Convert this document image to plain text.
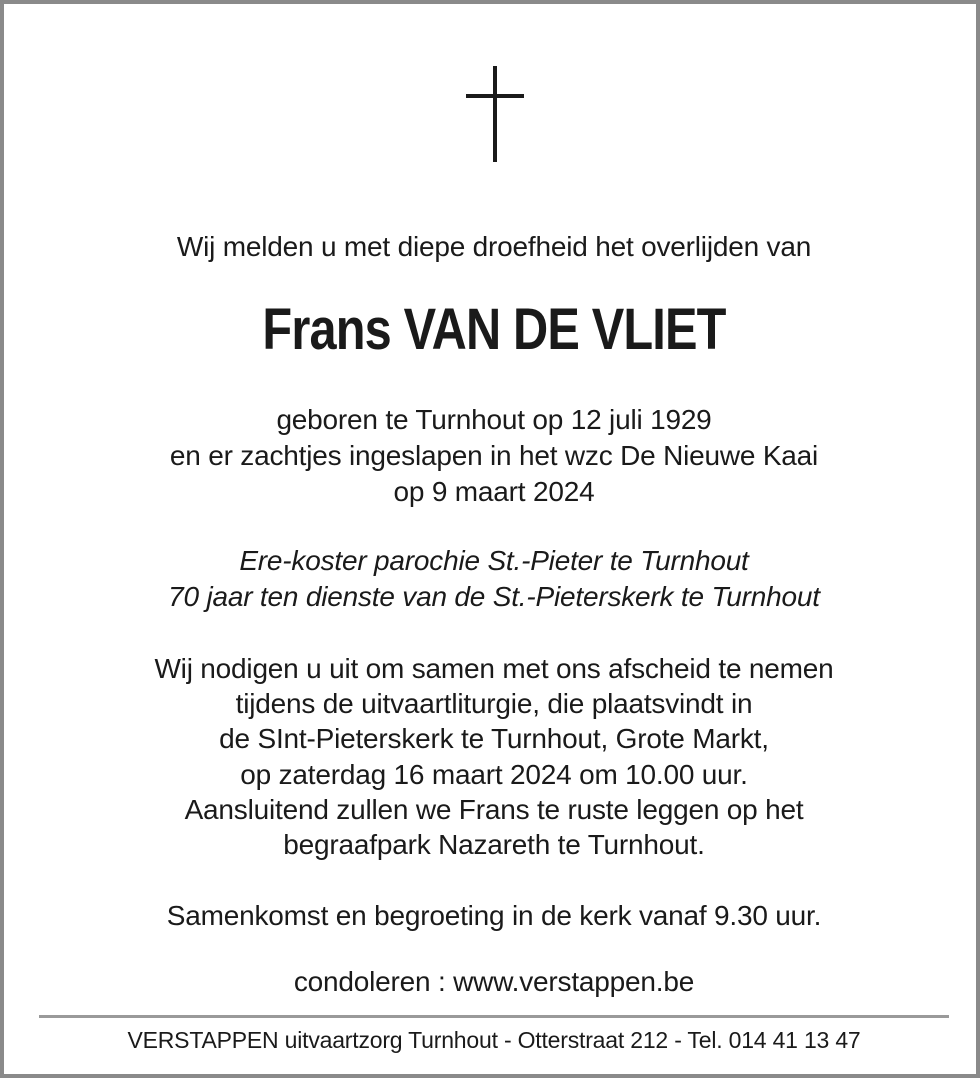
Wij melden u met diepe droefheid het overlijden van
Frans VAN DE VLIET
geboren te Turnhout op 12 juli 1929
en er zachtjes ingeslapen in het wzc De Nieuwe Kaai
op 9 maart 2024
Ere-koster parochie St.-Pieter te Turnhout
70 jaar ten dienste van de St.-Pieterskerk te Turnhout
Wij nodigen u uit om samen met ons afscheid te nemen
tijdens de uitvaartliturgie, die plaatsvindt in
de SInt-Pieterskerk te Turnhout, Grote Markt,
op zaterdag 16 maart 2024 om 10.00 uur.
Aansluitend zullen we Frans te ruste leggen op het
begraafpark Nazareth te Turnhout.
Samenkomst en begroeting in de kerk vanaf 9.30 uur.
condoleren : www.verstappen.be
VERSTAPPEN uitvaartzorg Turnhout - Otterstraat 212 - Tel. 014 41 13 47
